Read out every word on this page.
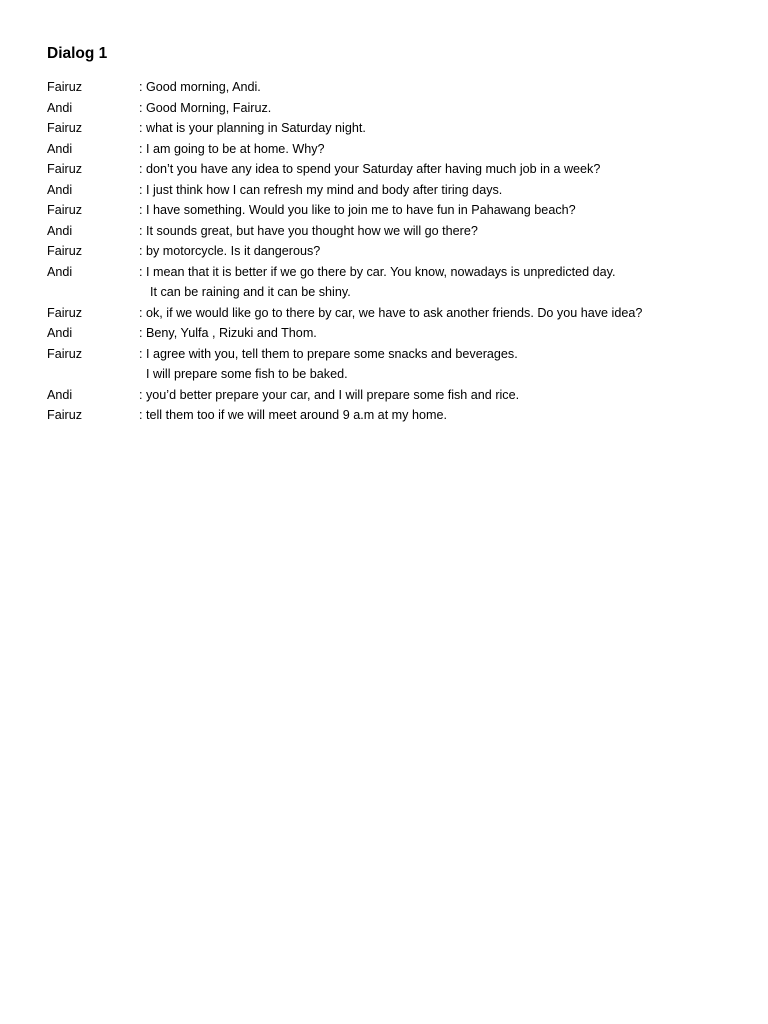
Dialog 1
Fairuz	: Good morning, Andi.
Andi	: Good Morning, Fairuz.
Fairuz	: what is your planning in Saturday night.
Andi	: I am going to be at home. Why?
Fairuz	: don’t you have any idea to spend your Saturday after having much job in a week?
Andi	: I just think how I can refresh my mind and body after tiring days.
Fairuz	: I have something. Would you like to join me to have fun in Pahawang beach?
Andi	: It sounds great, but have you thought how we will go there?
Fairuz	: by motorcycle. Is it dangerous?
Andi	: I mean that it is better if we go there by car. You know, nowadays is unpredicted day.
It can be raining and it can be shiny.
Fairuz	: ok, if we would like go to there by car, we have to ask another friends. Do you have idea?
Andi	: Beny, Yulfa , Rizuki and Thom.
Fairuz	: I agree with you, tell them to prepare some snacks and beverages.
I will prepare some fish to be baked.
Andi	: you’d better prepare your car, and I will prepare some fish and rice.
Fairuz	: tell them too if we will meet around 9 a.m at my home.
